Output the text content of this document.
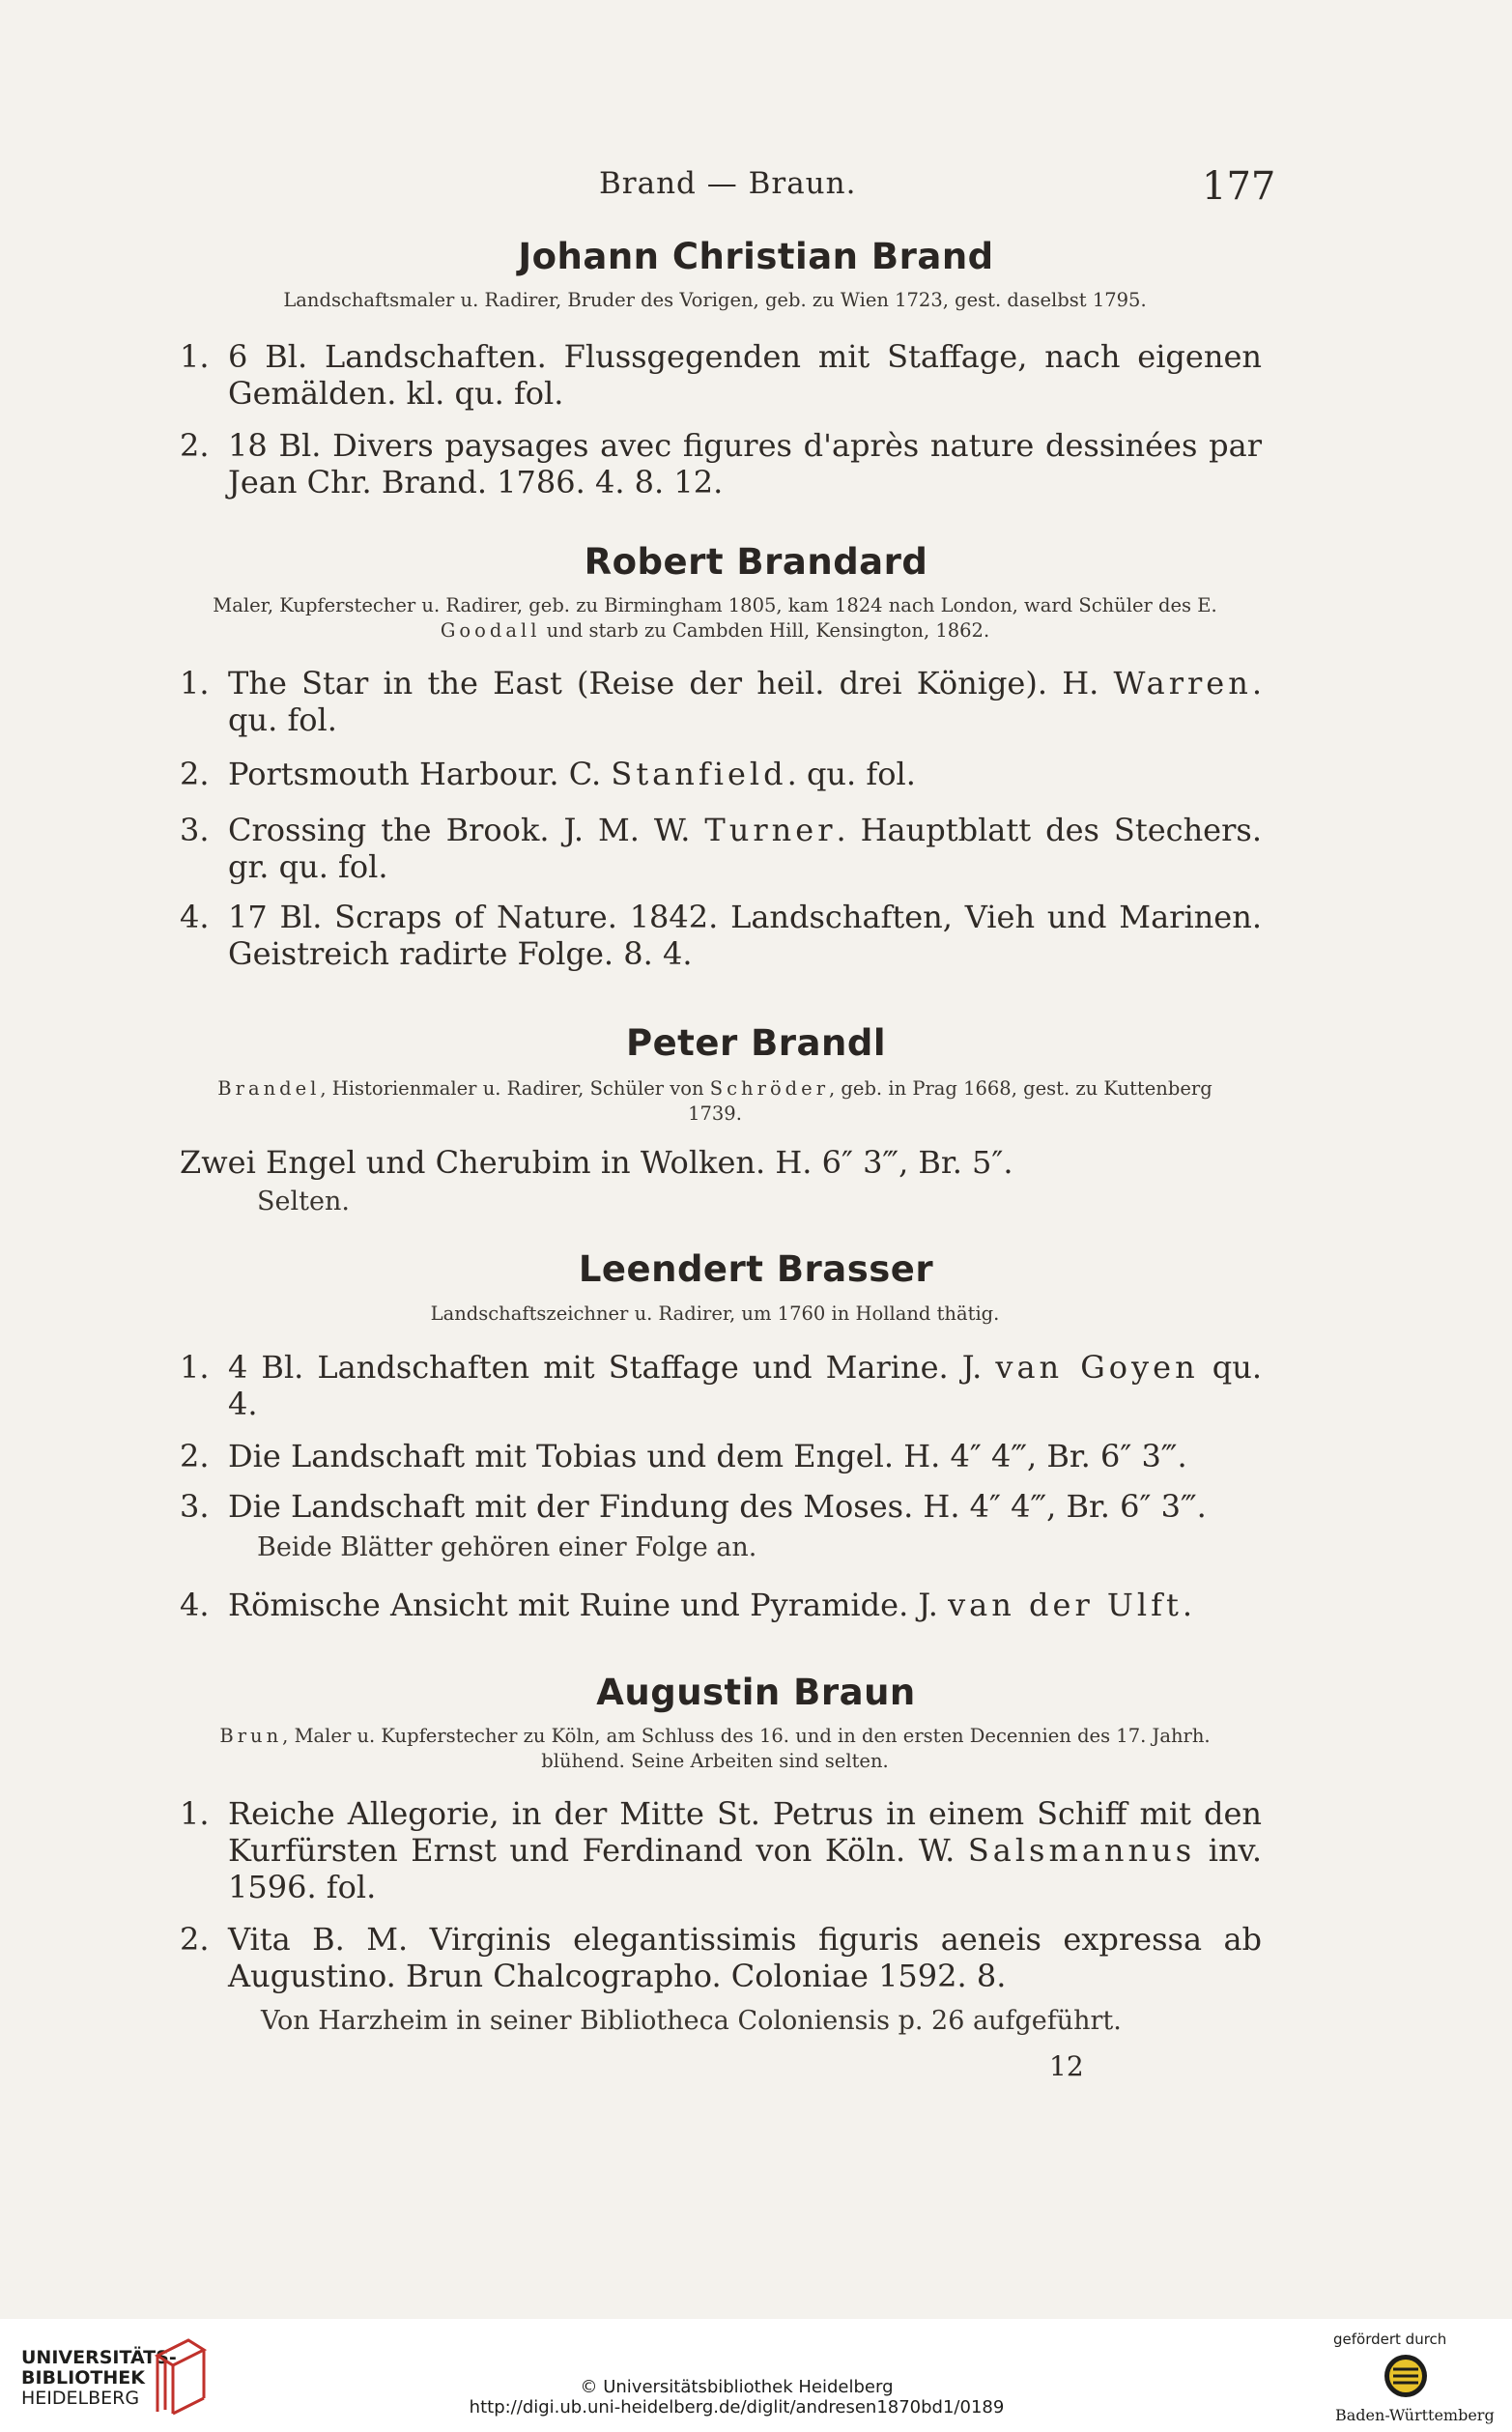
Brand — Braun.	177
Johann Christian Brand
Landschaftsmaler u. Radirer, Bruder des Vorigen, geb. zu Wien 1723, gest. daselbst 1795.
1. 6 Bl. Landschaften. Flussgegenden mit Staffage, nach eigenen Gemälden. kl. qu. fol.
2. 18 Bl. Divers paysages avec figures d'après nature dessinées par Jean Chr. Brand. 1786. 4. 8. 12.
Robert Brandard
Maler, Kupferstecher u. Radirer, geb. zu Birmingham 1805, kam 1824 nach London, ward Schüler des E. Goodall und starb zu Cambden Hill, Kensington, 1862.
1. The Star in the East (Reise der heil. drei Könige). H. Warren. qu. fol.
2. Portsmouth Harbour. C. Stanfield. qu. fol.
3. Crossing the Brook. J. M. W. Turner. Hauptblatt des Stechers. gr. qu. fol.
4. 17 Bl. Scraps of Nature. 1842. Landschaften, Vieh und Marinen. Geistreich radirte Folge. 8. 4.
Peter Brandl
Brandel, Historienmaler u. Radirer, Schüler von Schröder, geb. in Prag 1668, gest. zu Kuttenberg 1739.
Zwei Engel und Cherubim in Wolken. H. 6″ 3‴, Br. 5″.
Selten.
Leendert Brasser
Landschaftszeichner u. Radirer, um 1760 in Holland thätig.
1. 4 Bl. Landschaften mit Staffage und Marine. J. van Goyen qu. 4.
2. Die Landschaft mit Tobias und dem Engel. H. 4″ 4‴, Br. 6″ 3‴.
3. Die Landschaft mit der Findung des Moses. H. 4″ 4‴, Br. 6″ 3‴.
Beide Blätter gehören einer Folge an.
4. Römische Ansicht mit Ruine und Pyramide. J. van der Ulft.
Augustin Braun
Brun, Maler u. Kupferstecher zu Köln, am Schluss des 16. und in den ersten Decennien des 17. Jahrh. blühend. Seine Arbeiten sind selten.
1. Reiche Allegorie, in der Mitte St. Petrus in einem Schiff mit den Kurfürsten Ernst und Ferdinand von Köln. W. Salsmannus inv. 1596. fol.
2. Vita B. M. Virginis elegantissimis figuris aeneis expressa ab Augustino. Brun Chalcographo. Coloniae 1592. 8.
Von Harzheim in seiner Bibliotheca Coloniensis p. 26 aufgeführt.
12
UNIVERSITÄTS-
BIBLIOTHEK
HEIDELBERG
© Universitätsbibliothek Heidelberg
http://digi.ub.uni-heidelberg.de/diglit/andresen1870bd1/0189
gefördert durch
Baden-Württemberg
